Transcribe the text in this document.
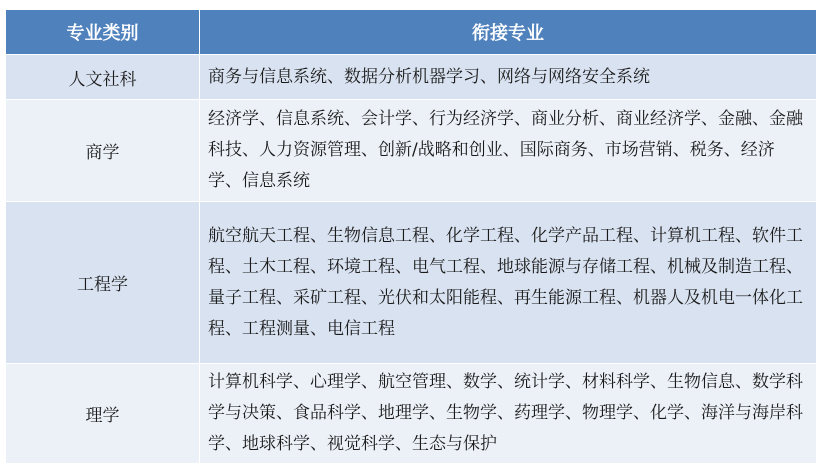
专业类别	衔接专业
人文社科	商务与信息系统、数据分析机器学习、网络与网络安全系统
商学	经济学、信息系统、会计学、行为经济学、商业分析、商业经济学、金融、金融科技、人力资源管理、创新/战略和创业、国际商务、市场营销、税务、经济学、信息系统
工程学	航空航天工程、生物信息工程、化学工程、化学产品工程、计算机工程、软件工程、土木工程、环境工程、电气工程、地球能源与存储工程、机械及制造工程、量子工程、采矿工程、光伏和太阳能程、再生能源工程、机器人及机电一体化工程、工程测量、电信工程
理学	计算机科学、心理学、航空管理、数学、统计学、材料科学、生物信息、数学科学与决策、食品科学、地理学、生物学、药理学、物理学、化学、海洋与海岸科学、地球科学、视觉科学、生态与保护
